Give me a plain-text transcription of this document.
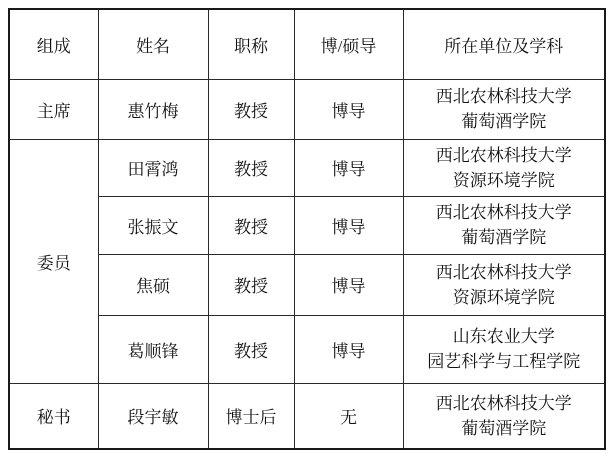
组成	姓名	职称	博/硕导	所在单位及学科
主席	惠竹梅	教授	博导	西北农林科技大学
葡萄酒学院

委员	田霄鸿	教授	博导	西北农林科技大学
资源环境学院

	张振文	教授	博导	西北农林科技大学
葡萄酒学院

	焦硕	教授	博导	西北农林科技大学
资源环境学院

	葛顺锋	教授	博导	山东农业大学
园艺科学与工程学院

秘书	段宇敏	博士后	无	西北农林科技大学
葡萄酒学院
